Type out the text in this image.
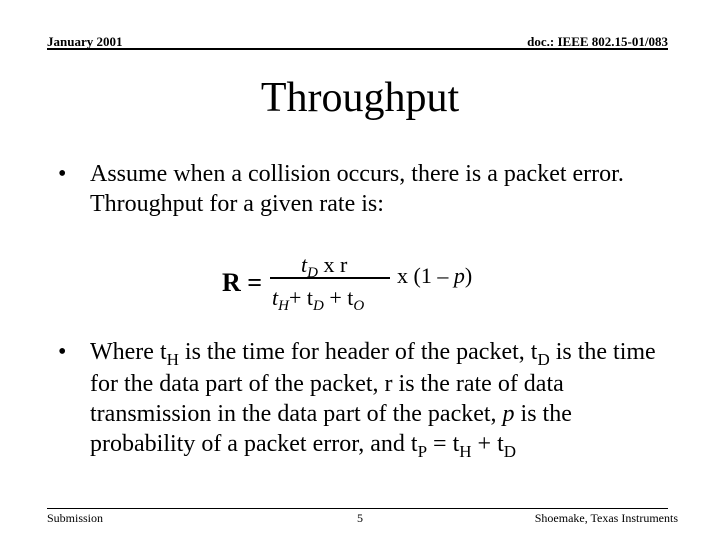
January 2001	doc.: IEEE 802.15-01/083
Throughput
• Assume when a collision occurs, there is a packet error. Throughput for a given rate is:
R =
$t_D$ x r
$t_H+ t_D + t_O$
x (1 – p)
• Where $t_H$ is the time for header of the packet, $t_D$ is the time for the data part of the packet, r is the rate of data transmission in the data part of the packet, p is the probability of a packet error, and $t_P = t_H + t_D$
Submission	5	Shoemake, Texas Instruments
